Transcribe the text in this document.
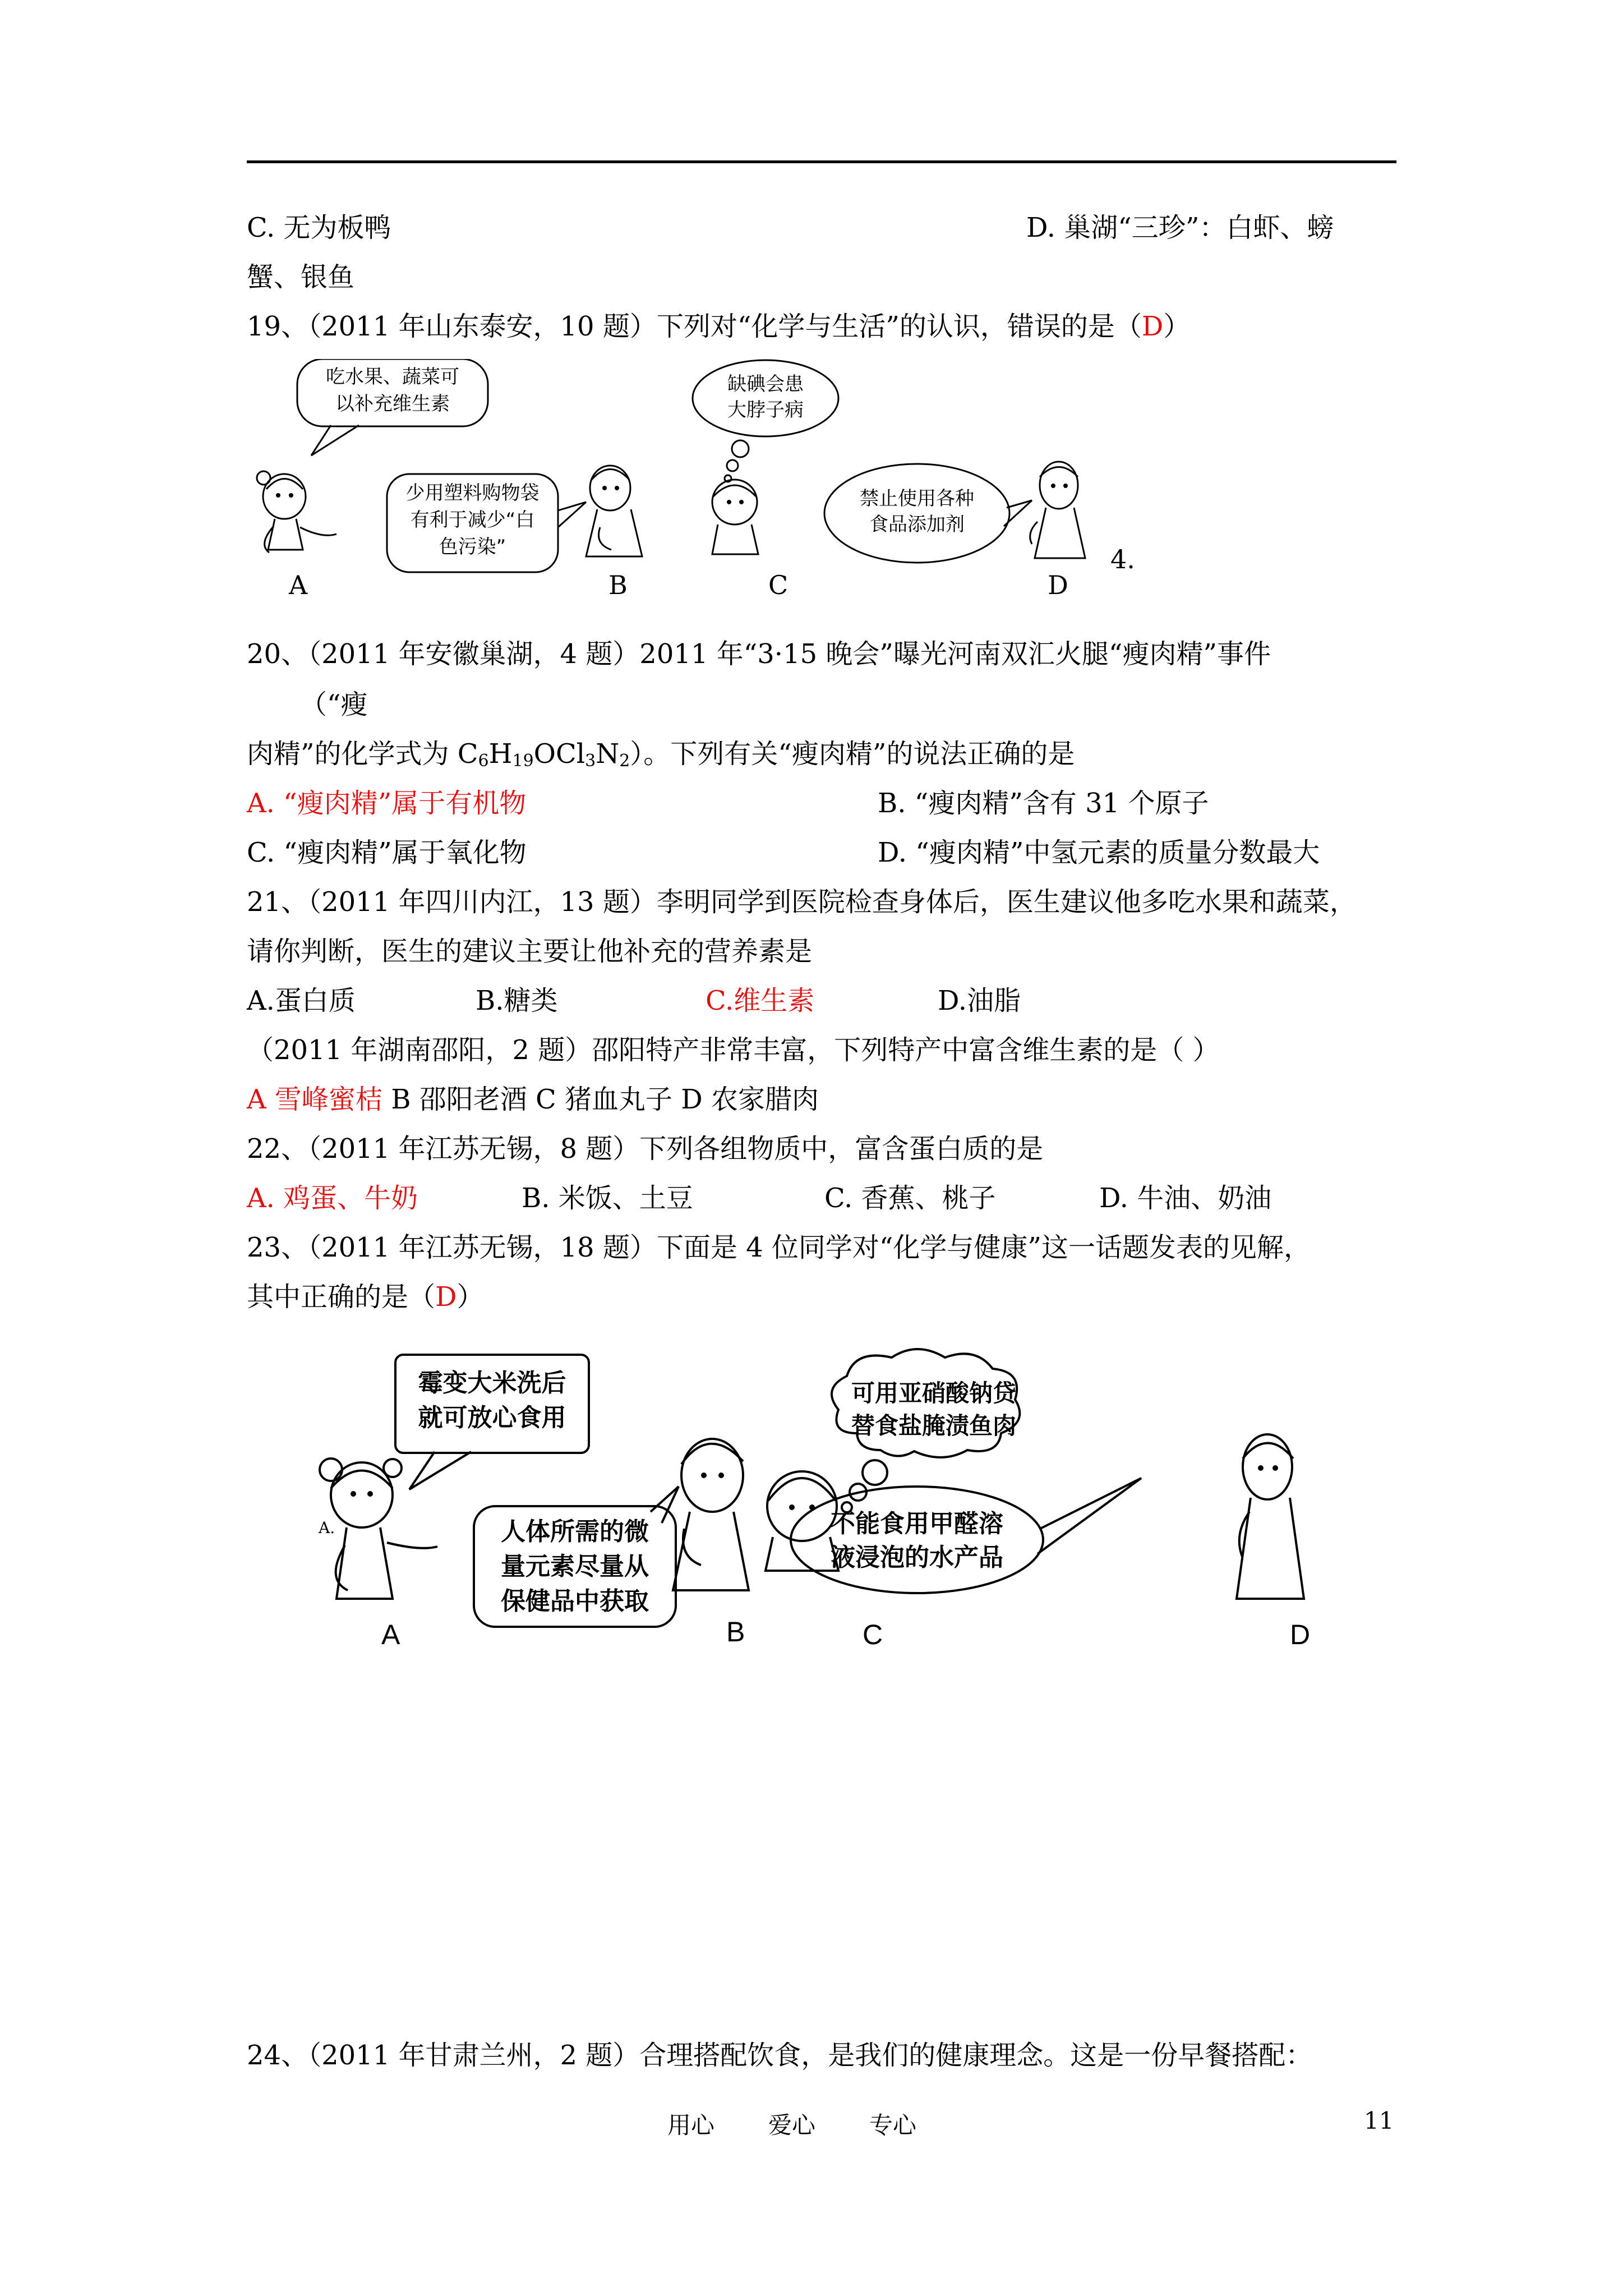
C. 无为板鸭	D. 巢湖“三珍”：白虾、螃
蟹、银鱼
19、（2011 年山东泰安，10 题）下列对“化学与生活”的认识，错误的是（D）
吃水果、蔬菜可
以补充维生素
少用塑料购物袋
有利于减少“白
色污染”
缺碘会患
大脖子病
禁止使用各种
食品添加剂
A	B	C	D
4.
20、（2011 年安徽巢湖，4 题）2011 年“3·15 晚会”曝光河南双汇火腿“瘦肉精”事件
（“瘦
肉精”的化学式为 $C_6H_{19}OCl_3N_2$）。下列有关“瘦肉精”的说法正确的是
A. “瘦肉精”属于有机物	B. “瘦肉精”含有 31 个原子
C. “瘦肉精”属于氧化物	D. “瘦肉精”中氢元素的质量分数最大
21、（2011 年四川内江，13 题）李明同学到医院检查身体后，医生建议他多吃水果和蔬菜，
请你判断，医生的建议主要让他补充的营养素是
A.蛋白质	B.糖类	C.维生素	D.油脂
（2011 年湖南邵阳，2 题）邵阳特产非常丰富，下列特产中富含维生素的是（ ）
A 雪峰蜜桔 B 邵阳老酒 C 猪血丸子 D 农家腊肉
22、（2011 年江苏无锡，8 题）下列各组物质中，富含蛋白质的是
A. 鸡蛋、牛奶	B. 米饭、土豆	C. 香蕉、桃子	D. 牛油、奶油
23、（2011 年江苏无锡，18 题）下面是 4 位同学对“化学与健康”这一话题发表的见解，
其中正确的是（D）
霉变大米洗后
就可放心食用
人体所需的微
量元素尽量从
保健品中获取
可用亚硝酸钠贷
替食盐腌渍鱼肉
不能食用甲醛溶
液浸泡的水产品
A.
A	B	C	D
24、（2011 年甘肃兰州，2 题）合理搭配饮食，是我们的健康理念。这是一份早餐搭配：
用心 爱心 专心	11
